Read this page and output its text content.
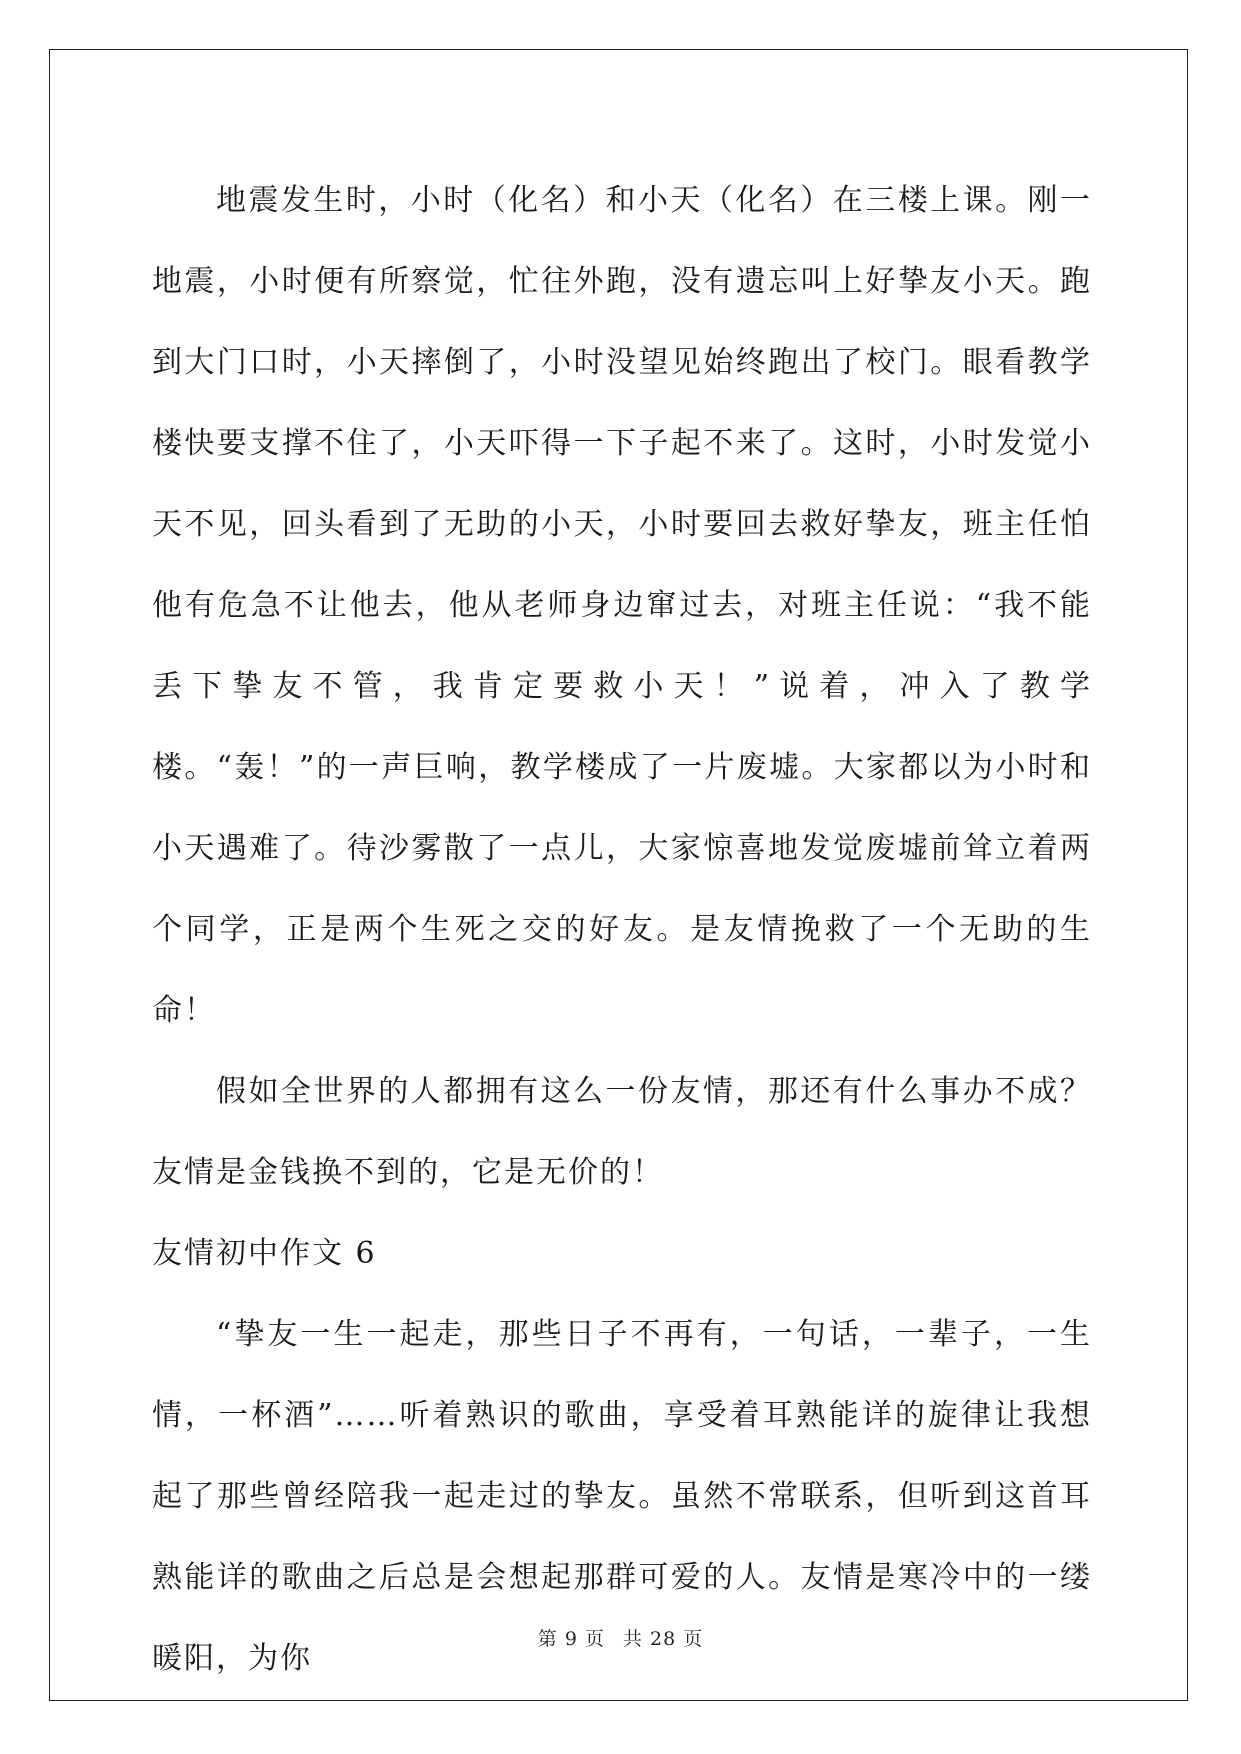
地震发生时，小时（化名）和小天（化名）在三楼上课。刚一地震，小时便有所察觉，忙往外跑，没有遗忘叫上好挚友小天。跑到大门口时，小天摔倒了，小时没望见始终跑出了校门。眼看教学楼快要支撑不住了，小天吓得一下子起不来了。这时，小时发觉小天不见，回头看到了无助的小天，小时要回去救好挚友，班主任怕他有危急不让他去，他从老师身边窜过去，对班主任说：“我不能丢下挚友不管，我肯定要救小天！”说着，冲入了教学楼。“轰！”的一声巨响，教学楼成了一片废墟。大家都以为小时和小天遇难了。待沙雾散了一点儿，大家惊喜地发觉废墟前耸立着两个同学，正是两个生死之交的好友。是友情挽救了一个无助的生命！

假如全世界的人都拥有这么一份友情，那还有什么事办不成？友情是金钱换不到的，它是无价的！

友情初中作文 6

“挚友一生一起走，那些日子不再有，一句话，一辈子，一生情，一杯酒”……听着熟识的歌曲，享受着耳熟能详的旋律让我想起了那些曾经陪我一起走过的挚友。虽然不常联系，但听到这首耳熟能详的歌曲之后总是会想起那群可爱的人。友情是寒冷中的一缕暖阳，为你

第 9 页 共 28 页
